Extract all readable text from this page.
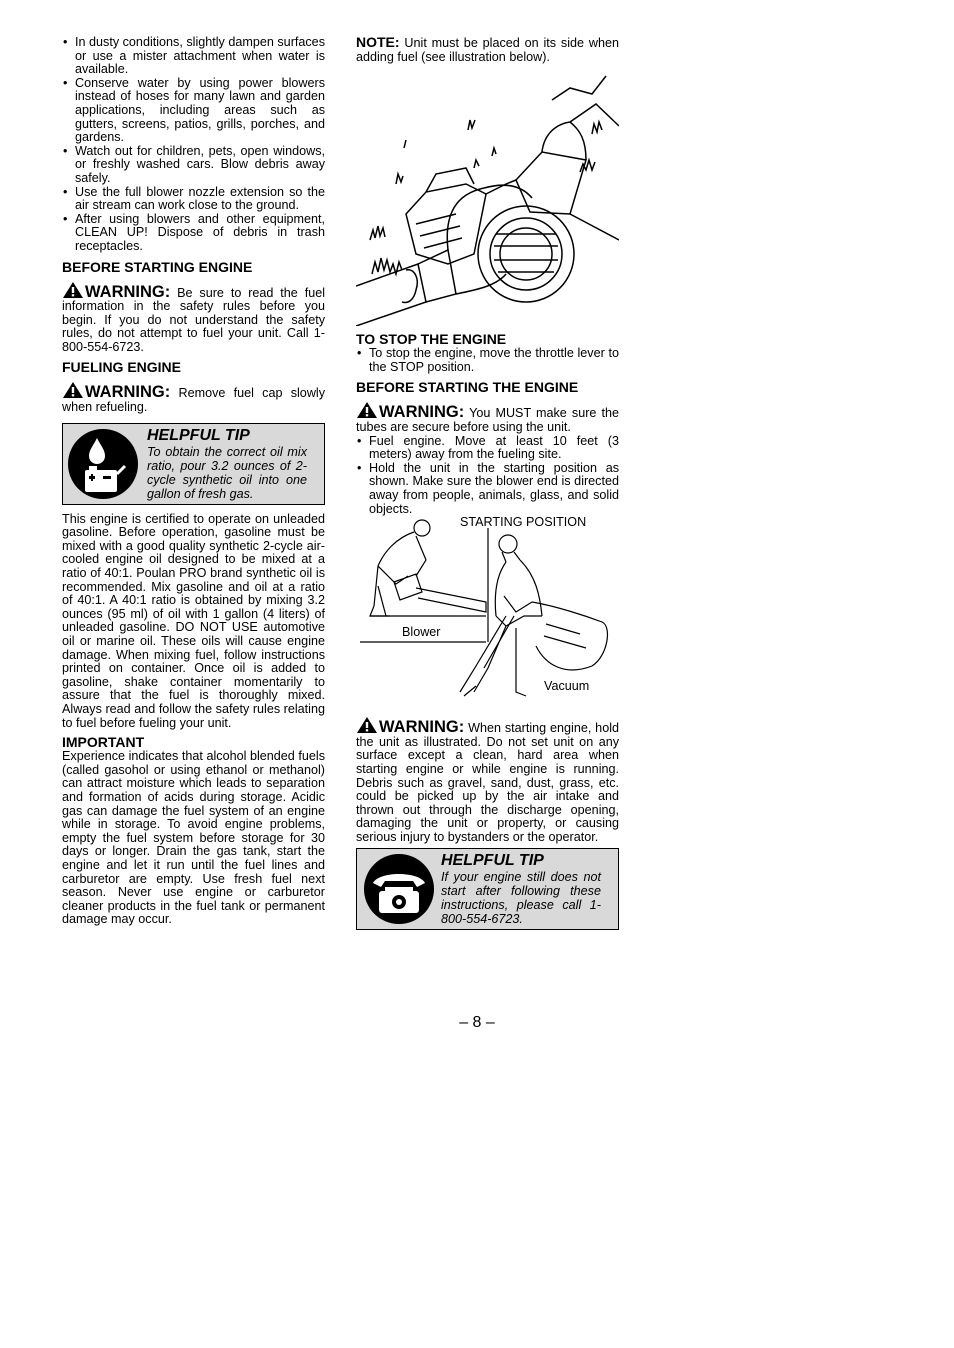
• In dusty conditions, slightly dampen surfaces or use a mister attachment when water is available.
• Conserve water by using power blowers instead of hoses for many lawn and garden applications, including areas such as gutters, screens, patios, grills, porches, and gardens.
• Watch out for children, pets, open windows, or freshly washed cars. Blow debris away safely.
• Use the full blower nozzle extension so the air stream can work close to the ground.
• After using blowers and other equipment, CLEAN UP! Dispose of debris in trash receptacles.
BEFORE STARTING ENGINE
WARNING: Be sure to read the fuel information in the safety rules before you begin. If you do not understand the safety rules, do not attempt to fuel your unit. Call 1-800-554-6723.
FUELING ENGINE
WARNING: Remove fuel cap slowly when refueling.
HELPFUL TIP
To obtain the correct oil mix ratio, pour 3.2 ounces of 2-cycle synthetic oil into one gallon of fresh gas.
This engine is certified to operate on unleaded gasoline. Before operation, gasoline must be mixed with a good quality synthetic 2-cycle air-cooled engine oil designed to be mixed at a ratio of 40:1. Poulan PRO brand synthetic oil is recommended. Mix gasoline and oil at a ratio of 40:1. A 40:1 ratio is obtained by mixing 3.2 ounces (95 ml) of oil with 1 gallon (4 liters) of unleaded gasoline. DO NOT USE automotive oil or marine oil. These oils will cause engine damage. When mixing fuel, follow instructions printed on container. Once oil is added to gasoline, shake container momentarily to assure that the fuel is thoroughly mixed. Always read and follow the safety rules relating to fuel before fueling your unit.
IMPORTANT
Experience indicates that alcohol blended fuels (called gasohol or using ethanol or methanol) can attract moisture which leads to separation and formation of acids during storage. Acidic gas can damage the fuel system of an engine while in storage. To avoid engine problems, empty the fuel system before storage for 30 days or longer. Drain the gas tank, start the engine and let it run until the fuel lines and carburetor are empty. Use fresh fuel next season. Never use engine or carburetor cleaner products in the fuel tank or permanent damage may occur.
NOTE: Unit must be placed on its side when adding fuel (see illustration below).
TO STOP THE ENGINE
• To stop the engine, move the throttle lever to the STOP position.
BEFORE STARTING THE ENGINE
WARNING: You MUST make sure the tubes are secure before using the unit.
• Fuel engine. Move at least 10 feet (3 meters) away from the fueling site.
• Hold the unit in the starting position as shown. Make sure the blower end is directed away from people, animals, glass, and solid objects.
STARTING POSITION
Blower
Vacuum
WARNING: When starting engine, hold the unit as illustrated. Do not set unit on any surface except a clean, hard area when starting engine or while engine is running. Debris such as gravel, sand, dust, grass, etc. could be picked up by the air intake and thrown out through the discharge opening, damaging the unit or property, or causing serious injury to bystanders or the operator.
HELPFUL TIP
If your engine still does not start after following these instructions, please call 1-800-554-6723.
– 8 –
